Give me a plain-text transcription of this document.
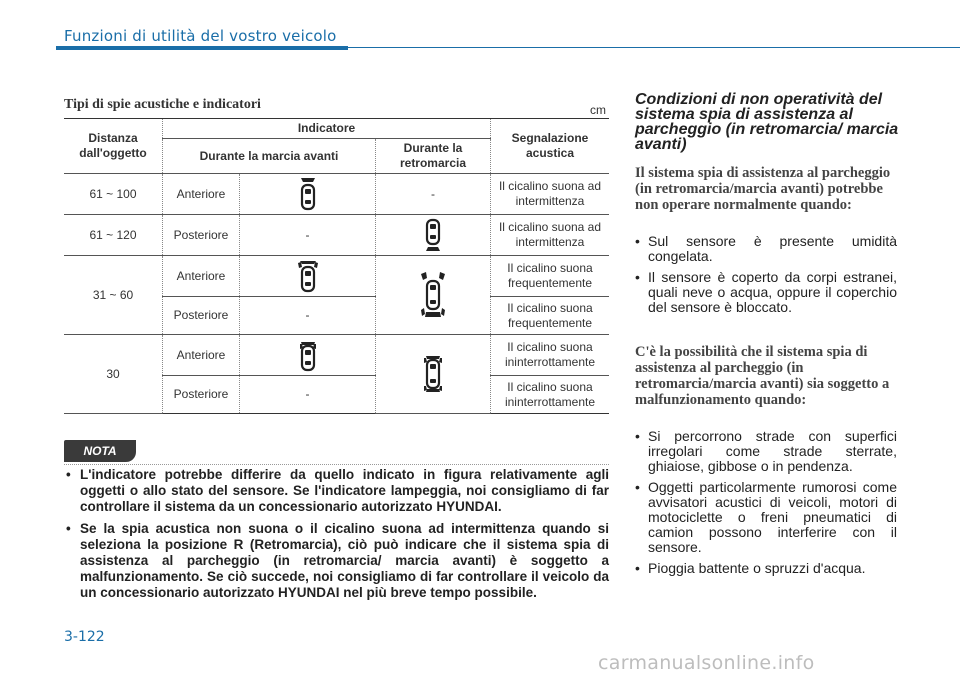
Funzioni di utilità del vostro veicolo
Tipi di spie acustiche e indicatori	cm
Distanza dall'oggetto	Indicatore			Segnalazione acustica
	Durante la marcia avanti		Durante la retromarcia	
61 ~ 100	Anteriore		-	Il cicalino suona ad intermittenza
61 ~ 120	Posteriore	-		Il cicalino suona ad intermittenza
31 ~ 60	Anteriore			Il cicalino suona frequentemente
	Posteriore	-		Il cicalino suona frequentemente
30	Anteriore			Il cicalino suona ininterrottamente
	Posteriore	-		Il cicalino suona ininterrottamente
NOTA
• L'indicatore potrebbe differire da quello indicato in figura relativamente agli oggetti o allo stato del sensore. Se l'indicatore lampeggia, noi consigliamo di far controllare il sistema da un concessionario autorizzato HYUNDAI.
• Se la spia acustica non suona o il cicalino suona ad intermittenza quando si seleziona la posizione R (Retromarcia), ciò può indicare che il sistema spia di assistenza al parcheggio (in retromarcia/ marcia avanti) è soggetto a malfunzionamento. Se ciò succede, noi consigliamo di far controllare il veicolo da un concessionario autorizzato HYUNDAI nel più breve tempo possibile.
3-122
Condizioni di non operatività del sistema spia di assistenza al parcheggio (in retromarcia/ marcia avanti)

Il sistema spia di assistenza al parcheggio (in retromarcia/marcia avanti) potrebbe non operare normalmente quando:

• Sul sensore è presente umidità congelata.
• Il sensore è coperto da corpi estranei, quali neve o acqua, oppure il coperchio del sensore è bloccato.

C'è la possibilità che il sistema spia di assistenza al parcheggio (in retromarcia/marcia avanti) sia soggetto a malfunzionamento quando:

• Si percorrono strade con superfici irregolari come strade sterrate, ghiaiose, gibbose o in pendenza.
• Oggetti particolarmente rumorosi come avvisatori acustici di veicoli, motori di motociclette o freni pneumatici di camion possono interferire con il sensore.
• Pioggia battente o spruzzi d'acqua.
carmanualsonline.info
